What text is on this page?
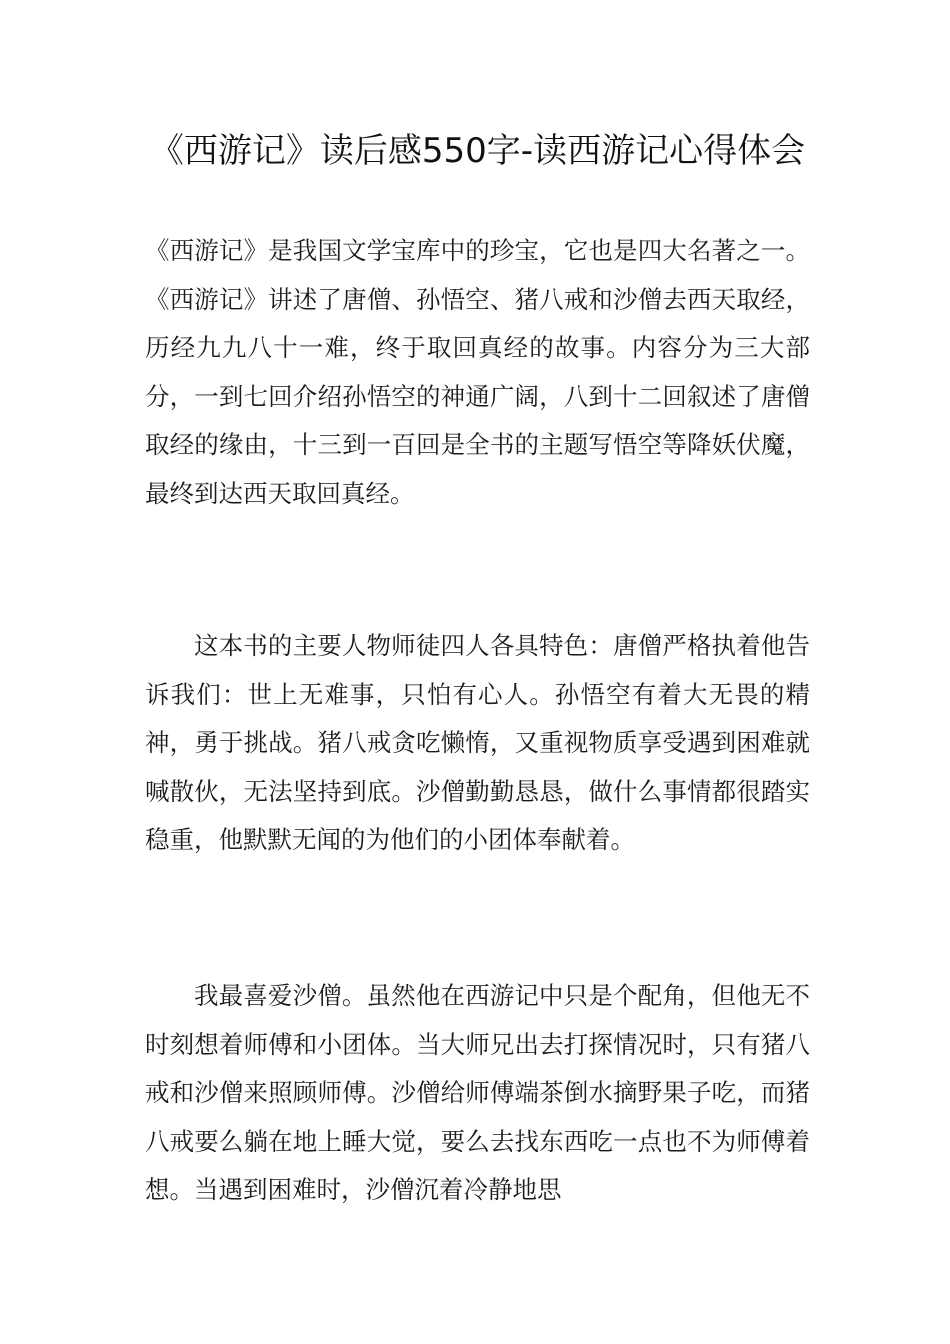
《西游记》读后感550字-读西游记心得体会

《西游记》是我国文学宝库中的珍宝，它也是四大名著之一。《西游记》讲述了唐僧、孙悟空、猪八戒和沙僧去西天取经，历经九九八十一难，终于取回真经的故事。内容分为三大部分，一到七回介绍孙悟空的神通广阔，八到十二回叙述了唐僧取经的缘由，十三到一百回是全书的主题写悟空等降妖伏魔，最终到达西天取回真经。

这本书的主要人物师徒四人各具特色：唐僧严格执着他告诉我们：世上无难事，只怕有心人。孙悟空有着大无畏的精神，勇于挑战。猪八戒贪吃懒惰，又重视物质享受遇到困难就喊散伙，无法坚持到底。沙僧勤勤恳恳，做什么事情都很踏实稳重，他默默无闻的为他们的小团体奉献着。

我最喜爱沙僧。虽然他在西游记中只是个配角，但他无不时刻想着师傅和小团体。当大师兄出去打探情况时，只有猪八戒和沙僧来照顾师傅。沙僧给师傅端茶倒水摘野果子吃，而猪八戒要么躺在地上睡大觉，要么去找东西吃一点也不为师傅着想。当遇到困难时，沙僧沉着冷静地思
